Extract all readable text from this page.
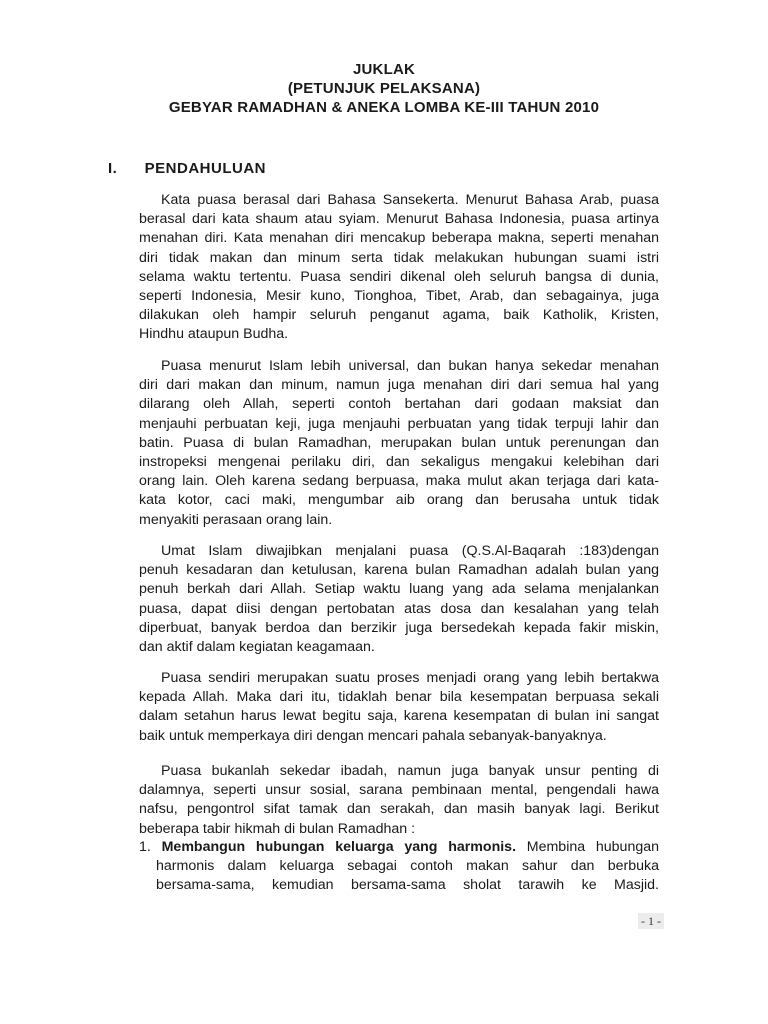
JUKLAK
(PETUNJUK PELAKSANA)
GEBYAR RAMADHAN & ANEKA LOMBA KE-III TAHUN 2010
I. PENDAHULUAN
Kata puasa berasal dari Bahasa Sansekerta. Menurut Bahasa Arab, puasa
berasal dari kata shaum atau syiam. Menurut Bahasa Indonesia, puasa artinya
menahan diri. Kata menahan diri mencakup beberapa makna, seperti menahan
diri tidak makan dan minum serta tidak melakukan hubungan suami istri
selama waktu tertentu. Puasa sendiri dikenal oleh seluruh bangsa di dunia,
seperti Indonesia, Mesir kuno, Tionghoa, Tibet, Arab, dan sebagainya, juga
dilakukan oleh hampir seluruh penganut agama, baik Katholik, Kristen,
Hindhu ataupun Budha.
Puasa menurut Islam lebih universal, dan bukan hanya sekedar menahan
diri dari makan dan minum, namun juga menahan diri dari semua hal yang
dilarang oleh Allah, seperti contoh bertahan dari godaan maksiat dan
menjauhi perbuatan keji, juga menjauhi perbuatan yang tidak terpuji lahir dan
batin. Puasa di bulan Ramadhan, merupakan bulan untuk perenungan dan
instropeksi mengenai perilaku diri, dan sekaligus mengakui kelebihan dari
orang lain. Oleh karena sedang berpuasa, maka mulut akan terjaga dari kata-
kata kotor, caci maki, mengumbar aib orang dan berusaha untuk tidak
menyakiti perasaan orang lain.
Umat Islam diwajibkan menjalani puasa (Q.S.Al-Baqarah :183)dengan
penuh kesadaran dan ketulusan, karena bulan Ramadhan adalah bulan yang
penuh berkah dari Allah. Setiap waktu luang yang ada selama menjalankan
puasa, dapat diisi dengan pertobatan atas dosa dan kesalahan yang telah
diperbuat, banyak berdoa dan berzikir juga bersedekah kepada fakir miskin,
dan aktif dalam kegiatan keagamaan.
Puasa sendiri merupakan suatu proses menjadi orang yang lebih bertakwa
kepada Allah. Maka dari itu, tidaklah benar bila kesempatan berpuasa sekali
dalam setahun harus lewat begitu saja, karena kesempatan di bulan ini sangat
baik untuk memperkaya diri dengan mencari pahala sebanyak-banyaknya.
Puasa bukanlah sekedar ibadah, namun juga banyak unsur penting di
dalamnya, seperti unsur sosial, sarana pembinaan mental, pengendali hawa
nafsu, pengontrol sifat tamak dan serakah, dan masih banyak lagi. Berikut
beberapa tabir hikmah di bulan Ramadhan :
1. Membangun hubungan keluarga yang harmonis. Membina hubungan
harmonis dalam keluarga sebagai contoh makan sahur dan berbuka
bersama-sama, kemudian bersama-sama sholat tarawih ke Masjid.
- 1 -
